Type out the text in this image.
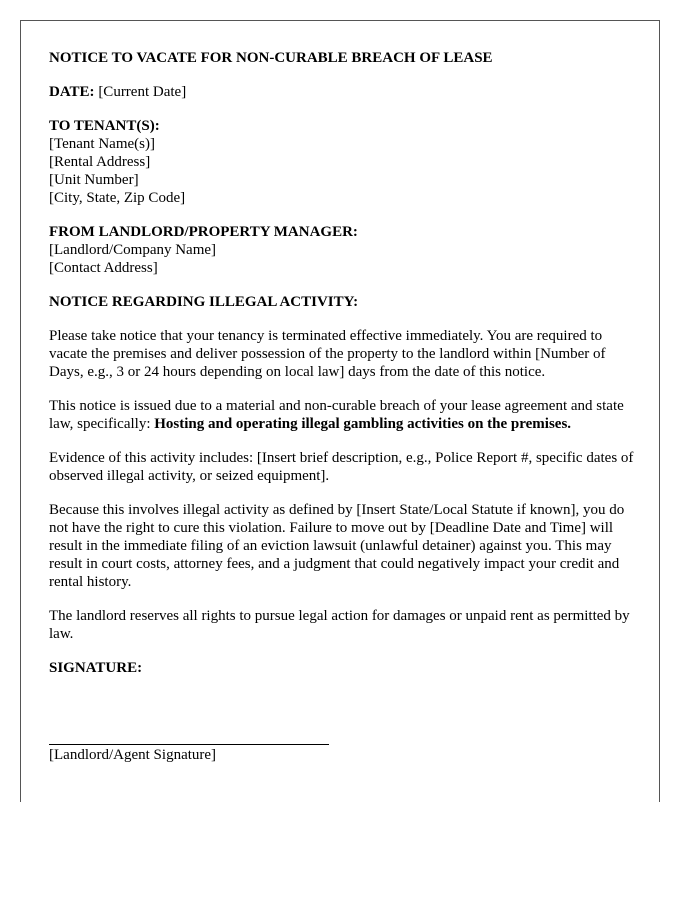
NOTICE TO VACATE FOR NON-CURABLE BREACH OF LEASE

DATE: [Current Date]

TO TENANT(S):
[Tenant Name(s)]
[Rental Address]
[Unit Number]
[City, State, Zip Code]
FROM LANDLORD/PROPERTY MANAGER:
[Landlord/Company Name]
[Contact Address]

NOTICE REGARDING ILLEGAL ACTIVITY:

Please take notice that your tenancy is terminated effective immediately. You are required to vacate the premises and deliver possession of the property to the landlord within [Number of Days, e.g., 3 or 24 hours depending on local law] days from the date of this notice.

This notice is issued due to a material and non-curable breach of your lease agreement and state law, specifically: Hosting and operating illegal gambling activities on the premises.

Evidence of this activity includes: [Insert brief description, e.g., Police Report #, specific dates of observed illegal activity, or seized equipment].

Because this involves illegal activity as defined by [Insert State/Local Statute if known], you do not have the right to cure this violation. Failure to move out by [Deadline Date and Time] will result in the immediate filing of an eviction lawsuit (unlawful detainer) against you. This may result in court costs, attorney fees, and a judgment that could negatively impact your credit and rental history.

The landlord reserves all rights to pursue legal action for damages or unpaid rent as permitted by law.

SIGNATURE:

[Landlord/Agent Signature]
